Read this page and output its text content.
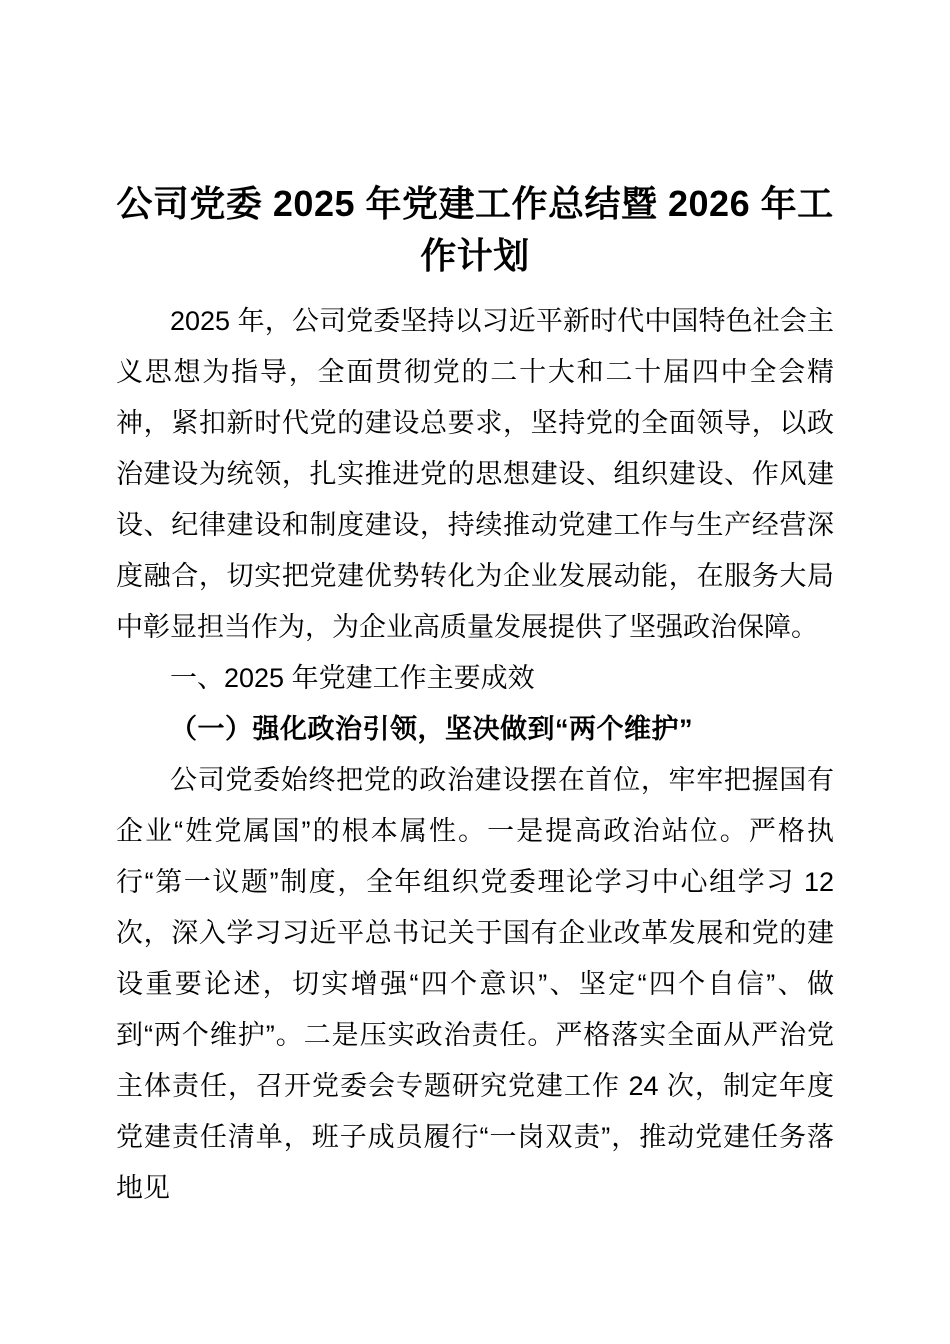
公司党委 2025 年党建工作总结暨 2026 年工作计划

2025 年，公司党委坚持以习近平新时代中国特色社会主义思想为指导，全面贯彻党的二十大和二十届四中全会精神，紧扣新时代党的建设总要求，坚持党的全面领导，以政治建设为统领，扎实推进党的思想建设、组织建设、作风建设、纪律建设和制度建设，持续推动党建工作与生产经营深度融合，切实把党建优势转化为企业发展动能，在服务大局中彰显担当作为，为企业高质量发展提供了坚强政治保障。

一、2025 年党建工作主要成效
（一）强化政治引领，坚决做到“两个维护”

公司党委始终把党的政治建设摆在首位，牢牢把握国有企业“姓党属国”的根本属性。一是提高政治站位。严格执行“第一议题”制度，全年组织党委理论学习中心组学习 12 次，深入学习习近平总书记关于国有企业改革发展和党的建设重要论述，切实增强“四个意识”、坚定“四个自信”、做到“两个维护”。二是压实政治责任。严格落实全面从严治党主体责任，召开党委会专题研究党建工作 24 次，制定年度党建责任清单，班子成员履行“一岗双责”，推动党建任务落地见
